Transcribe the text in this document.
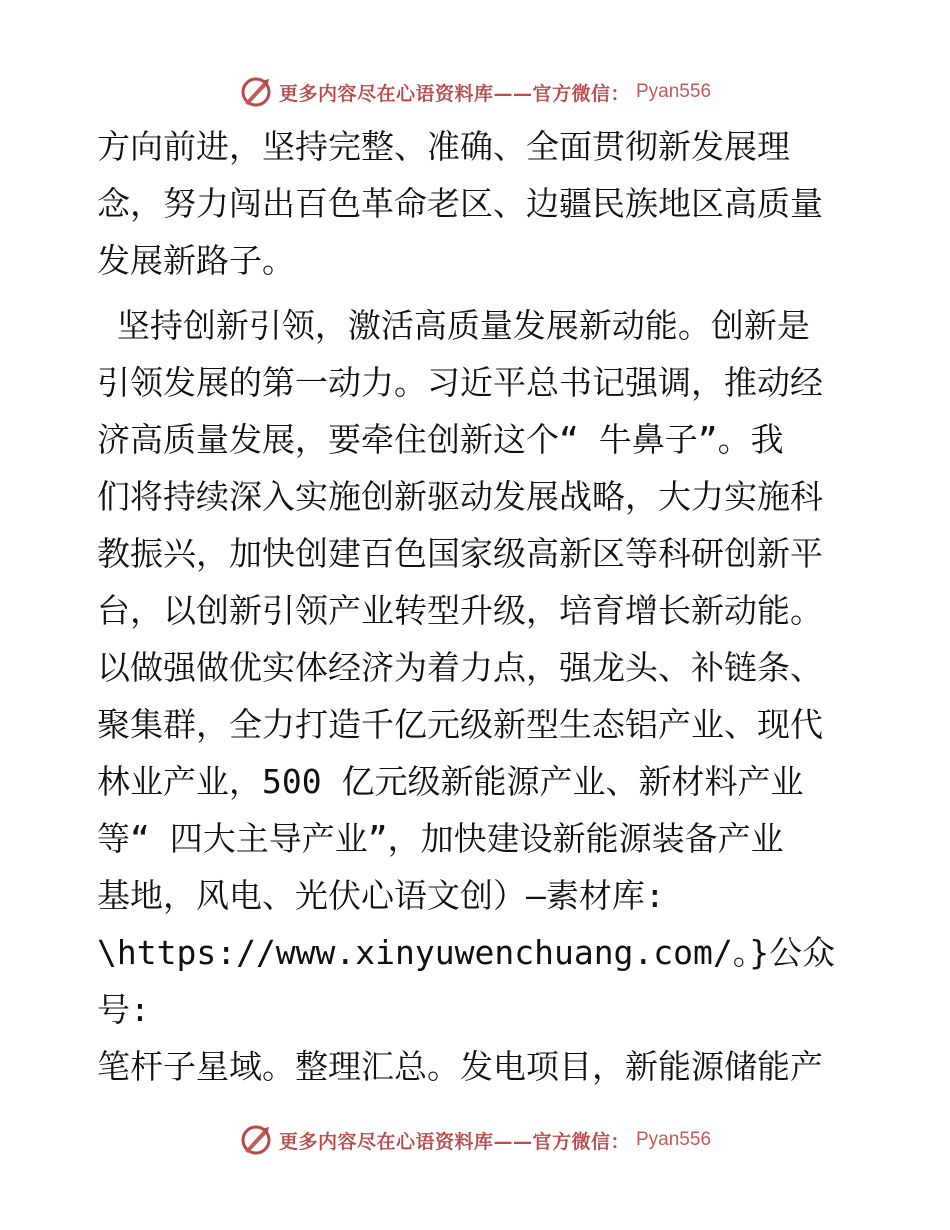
更多内容尽在心语资料库——官方微信： Pyan556

方向前进，坚持完整、准确、全面贯彻新发展理

念，努力闯出百色革命老区、边疆民族地区高质量

发展新路子。

坚持创新引领，激活高质量发展新动能。创新是

引领发展的第一动力。习近平总书记强调，推动经

济高质量发展，要牵住创新这个“ 牛鼻子”。我

们将持续深入实施创新驱动发展战略，大力实施科

教振兴，加快创建百色国家级高新区等科研创新平

台，以创新引领产业转型升级，培育增长新动能。

以做强做优实体经济为着力点，强龙头、补链条、

聚集群，全力打造千亿元级新型生态铝产业、现代

林业产业，500 亿元级新能源产业、新材料产业

等“ 四大主导产业”，加快建设新能源装备产业

基地，风电、光伏心语文创）—素材库:

\https://www.xinyuwenchuang.com/。}公众号:

笔杆子星域。整理汇总。发电项目，新能源储能产

更多内容尽在心语资料库——官方微信： Pyan556
